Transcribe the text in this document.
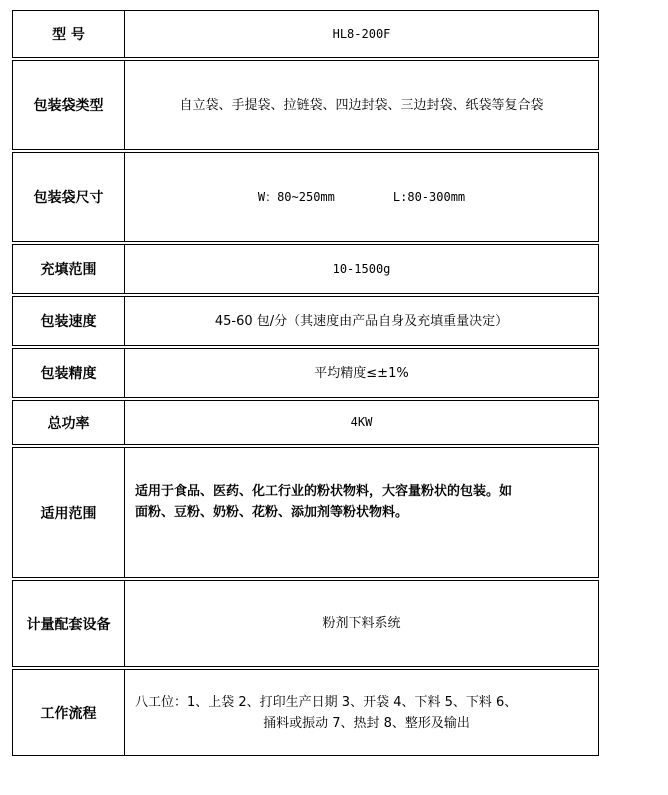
型 号	HL8-200F
包装袋类型	自立袋、手提袋、拉链袋、四边封袋、三边封袋、纸袋等复合袋
包装袋尺寸	W：80~250mm L:80-300mm
充填范围	10-1500g
包装速度	45-60 包/分（其速度由产品自身及充填重量决定）
包装精度	平均精度≤±1%
总功率	4KW
适用范围	适用于食品、医药、化工行业的粉状物料，大容量粉状的包装。如
面粉、豆粉、奶粉、花粉、添加剂等粉状物料。

计量配套设备	粉剂下料系统
工作流程	八工位：1、上袋 2、打印生产日期 3、开袋 4、下料 5、下料 6、
捅料或振动 7、热封 8、整形及输出
